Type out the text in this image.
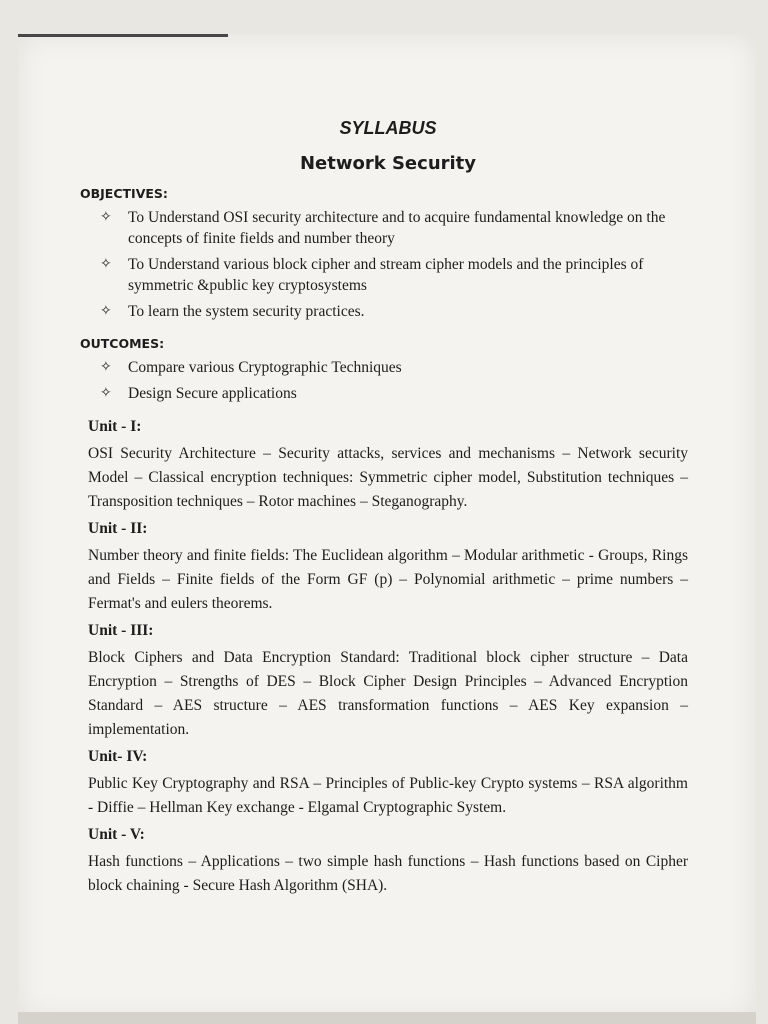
SYLLABUS
Network Security
OBJECTIVES:
✧ To Understand OSI security architecture and to acquire fundamental knowledge on the concepts of finite fields and number theory
✧ To Understand various block cipher and stream cipher models and the principles of symmetric &public key cryptosystems
✧ To learn the system security practices.
OUTCOMES:
✧ Compare various Cryptographic Techniques
✧ Design Secure applications
Unit - I:

OSI Security Architecture – Security attacks, services and mechanisms – Network security Model – Classical encryption techniques: Symmetric cipher model, Substitution techniques – Transposition techniques – Rotor machines – Steganography.

Unit - II:

Number theory and finite fields: The Euclidean algorithm – Modular arithmetic - Groups, Rings and Fields – Finite fields of the Form GF (p) – Polynomial arithmetic – prime numbers – Fermat's and eulers theorems.

Unit - III:

Block Ciphers and Data Encryption Standard: Traditional block cipher structure – Data Encryption – Strengths of DES – Block Cipher Design Principles – Advanced Encryption Standard – AES structure – AES transformation functions – AES Key expansion – implementation.

Unit- IV:

Public Key Cryptography and RSA – Principles of Public-key Crypto systems – RSA algorithm - Diffie – Hellman Key exchange - Elgamal Cryptographic System.

Unit - V:

Hash functions – Applications – two simple hash functions – Hash functions based on Cipher block chaining - Secure Hash Algorithm (SHA).
